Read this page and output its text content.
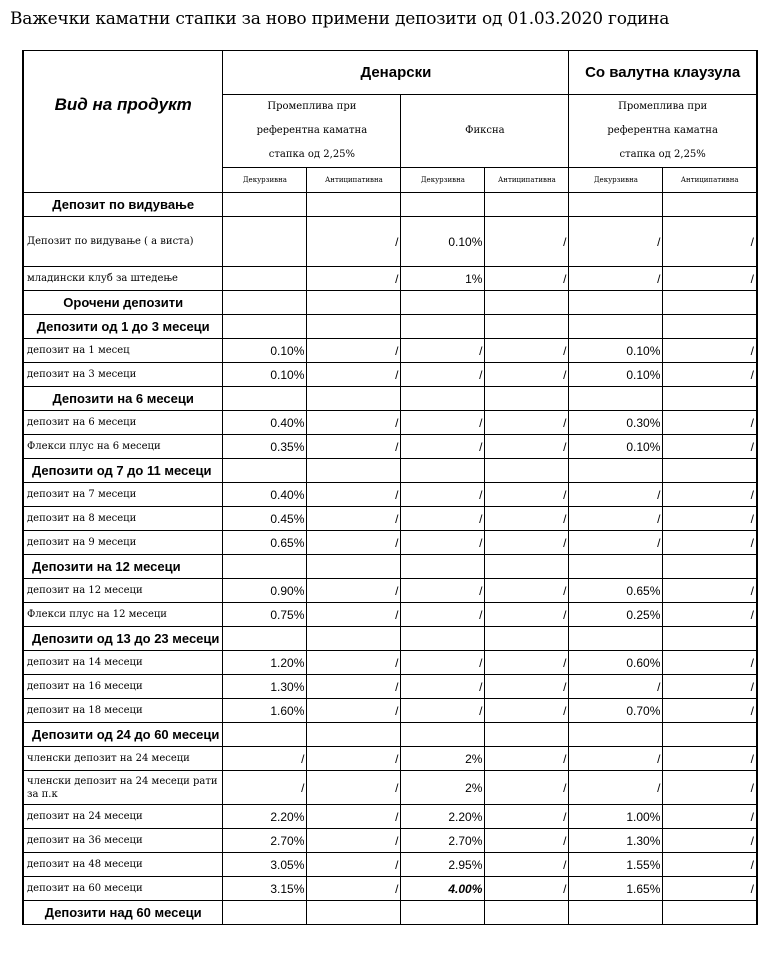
Важечки каматни стапки за ново примени депозити од 01.03.2020 година
Вид на продукт	Денарски				Со валутна клаузула	
	Промеплива при референтна каматна стапка од 2,25%		Фиксна		Промеплива при референтна каматна стапка од 2,25%	
	Декурзивна	Антиципативна	Декурзивна	Антиципативна	Декурзивна	Антиципативна
Депозит по видување						
Депозит по видување ( а виста)		/	0.10%	/	/	/
младински клуб за штедење		/	1%	/	/	/
Орочени депозити						
Депозити од 1 до 3 месеци						
депозит на 1 месец	0.10%	/	/	/	0.10%	/
депозит на 3 месеци	0.10%	/	/	/	0.10%	/
Депозити на 6 месеци						
депозит на 6 месеци	0.40%	/	/	/	0.30%	/
Флекси плус на 6 месеци	0.35%	/	/	/	0.10%	/
Депозити од 7 до 11 месеци						
депозит на 7 месеци	0.40%	/	/	/	/	/
депозит на 8 месеци	0.45%	/	/	/	/	/
депозит на 9 месеци	0.65%	/	/	/	/	/
Депозити на 12 месеци						
депозит на 12 месеци	0.90%	/	/	/	0.65%	/
Флекси плус на 12 месеци	0.75%	/	/	/	0.25%	/
Депозити од 13 до 23 месеци						
депозит на 14 месеци	1.20%	/	/	/	0.60%	/
депозит на 16 месеци	1.30%	/	/	/	/	/
депозит на 18 месеци	1.60%	/	/	/	0.70%	/
Депозити од 24 до 60 месеци						
членски депозит на 24 месеци	/	/	2%	/	/	/
членски депозит на 24 месеци рати за п.к	/	/	2%	/	/	/
депозит на 24 месеци	2.20%	/	2.20%	/	1.00%	/
депозит на 36 месеци	2.70%	/	2.70%	/	1.30%	/
депозит на 48 месеци	3.05%	/	2.95%	/	1.55%	/
депозит на 60 месеци	3.15%	/	4.00%	/	1.65%	/
Депозити над 60 месеци						
